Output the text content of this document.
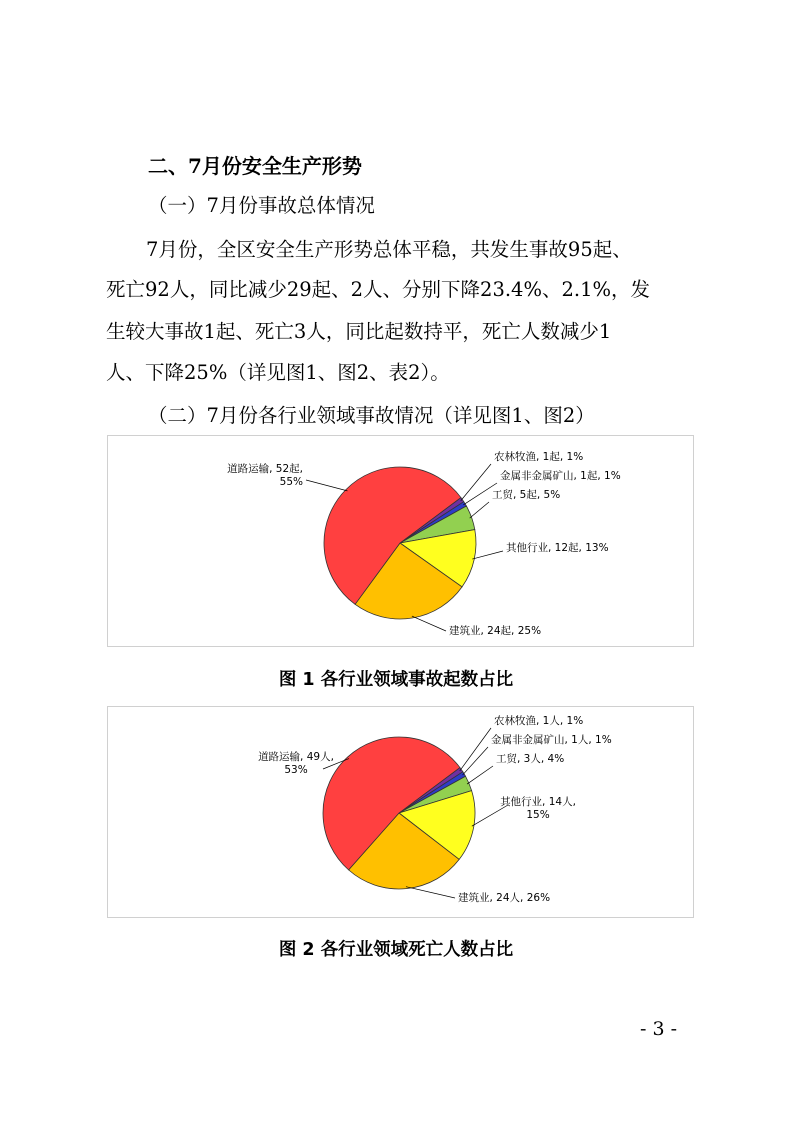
二、7月份安全生产形势
（一）7月份事故总体情况
7月份，全区安全生产形势总体平稳，共发生事故95起、
死亡92人，同比减少29起、2人、分别下降23.4%、2.1%，发
生较大事故1起、死亡3人，同比起数持平，死亡人数减少1
人、下降25%（详见图1、图2、表2）。
（二）7月份各行业领域事故情况（详见图1、图2）
农林牧渔, 1起, 1%
金属非金属矿山, 1起, 1%
工贸, 5起, 5%
其他行业, 12起, 13%
建筑业, 24起, 25%
道路运输, 52起,
55%
图 1 各行业领域事故起数占比
农林牧渔, 1人, 1%
金属非金属矿山, 1人, 1%
工贸, 3人, 4%
其他行业, 14人,
15%
建筑业, 24人, 26%
道路运输, 49人,
53%
图 2 各行业领域死亡人数占比
- 3 -
